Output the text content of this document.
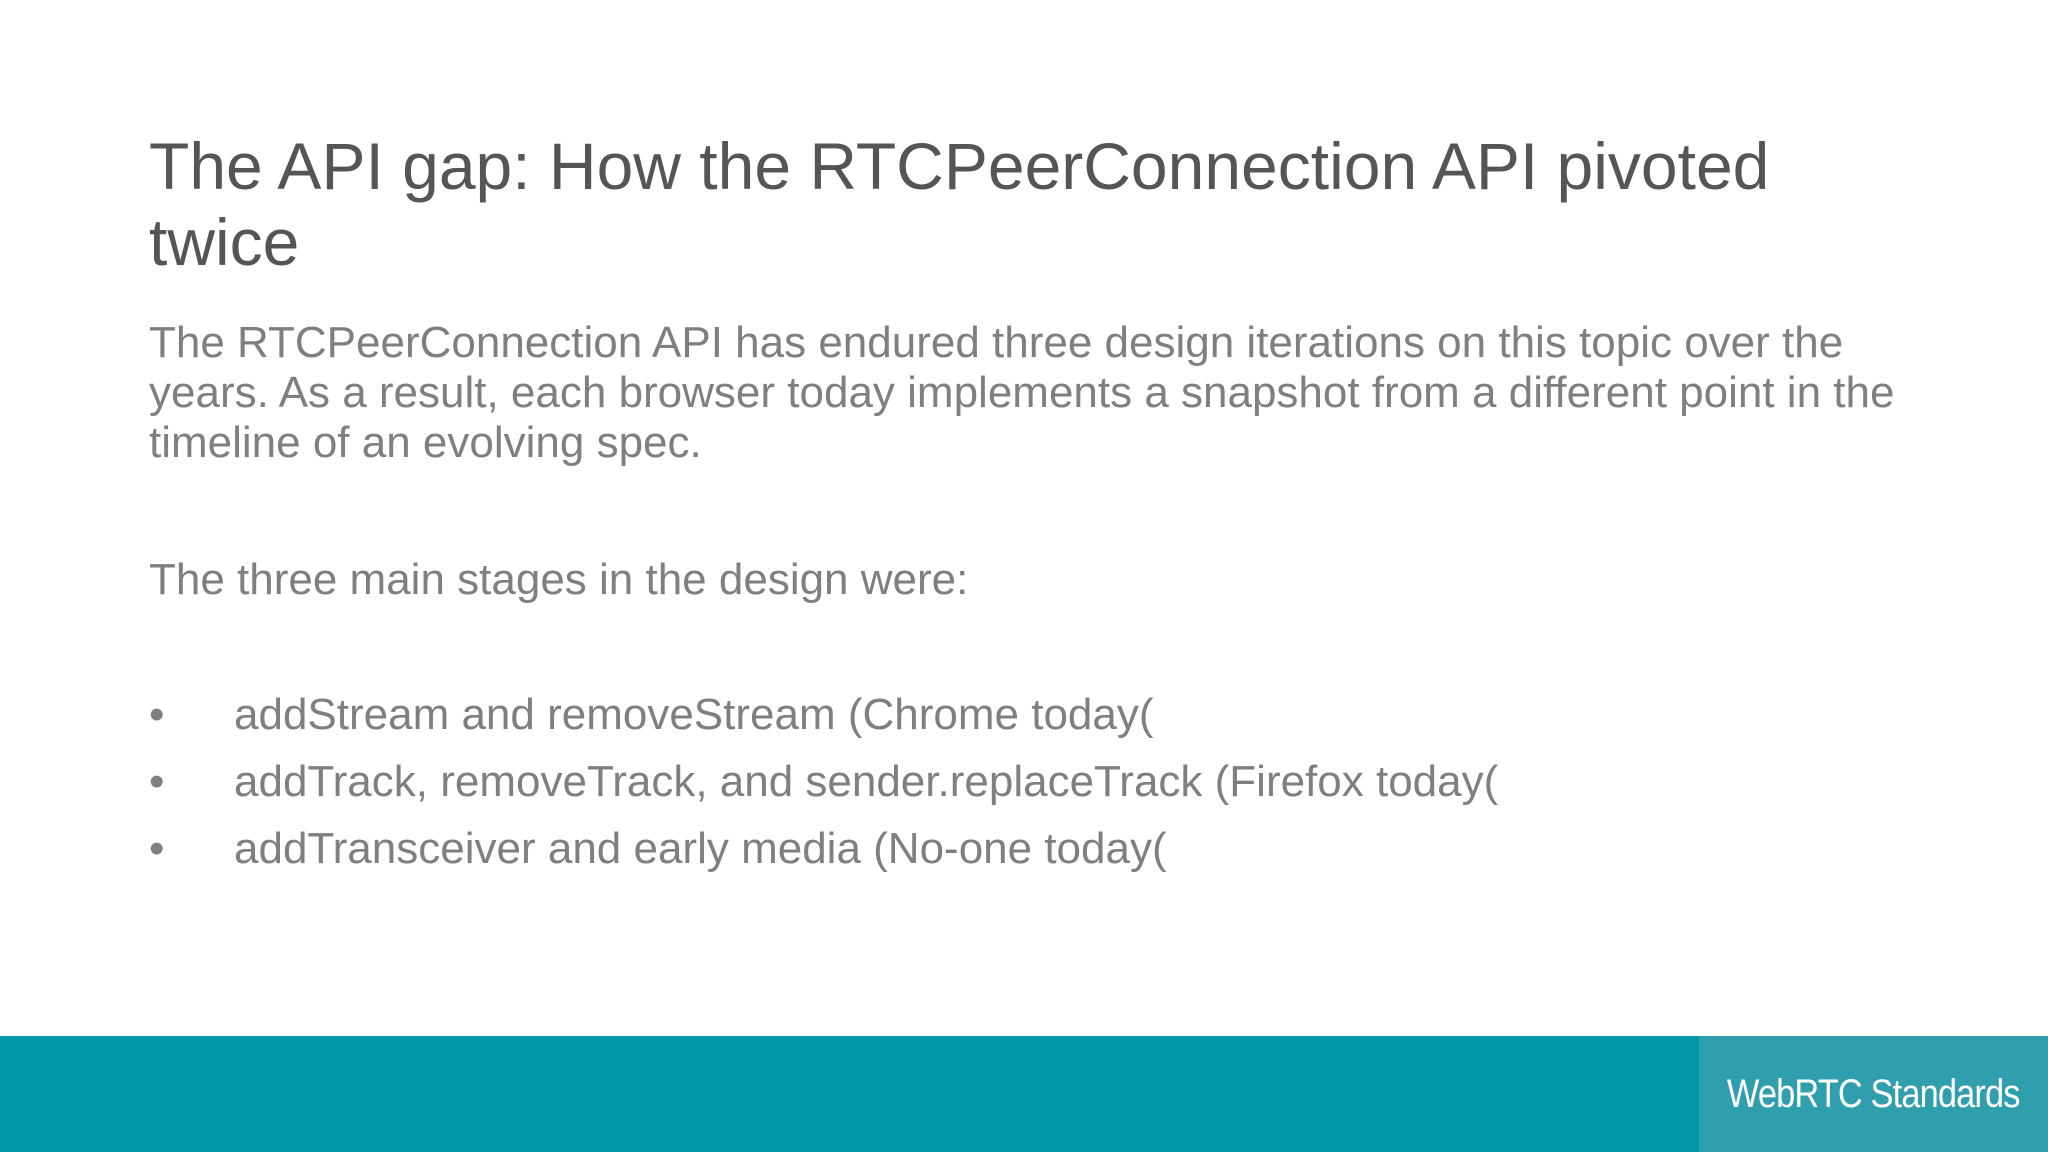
The API gap: How the RTCPeerConnection API pivoted twice

The RTCPeerConnection API has endured three design iterations on this topic over the years. As a result, each browser today implements a snapshot from a different point in the timeline of an evolving spec.

The three main stages in the design were:

•	addStream and removeStream (Chrome today(
•	addTrack, removeTrack, and sender.replaceTrack (Firefox today(
•	addTransceiver and early media (No-one today(
WebRTC Standards
